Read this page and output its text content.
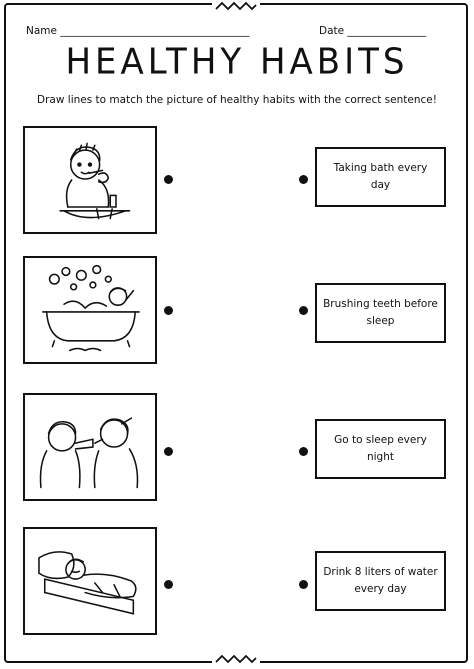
Name ____________________________________	Date _______________
HEALTHY HABITS
Draw lines to match the picture of healthy habits with the correct sentence!
Taking bath every day
Brushing teeth before sleep
Go to sleep every night
Drink 8 liters of water every day
